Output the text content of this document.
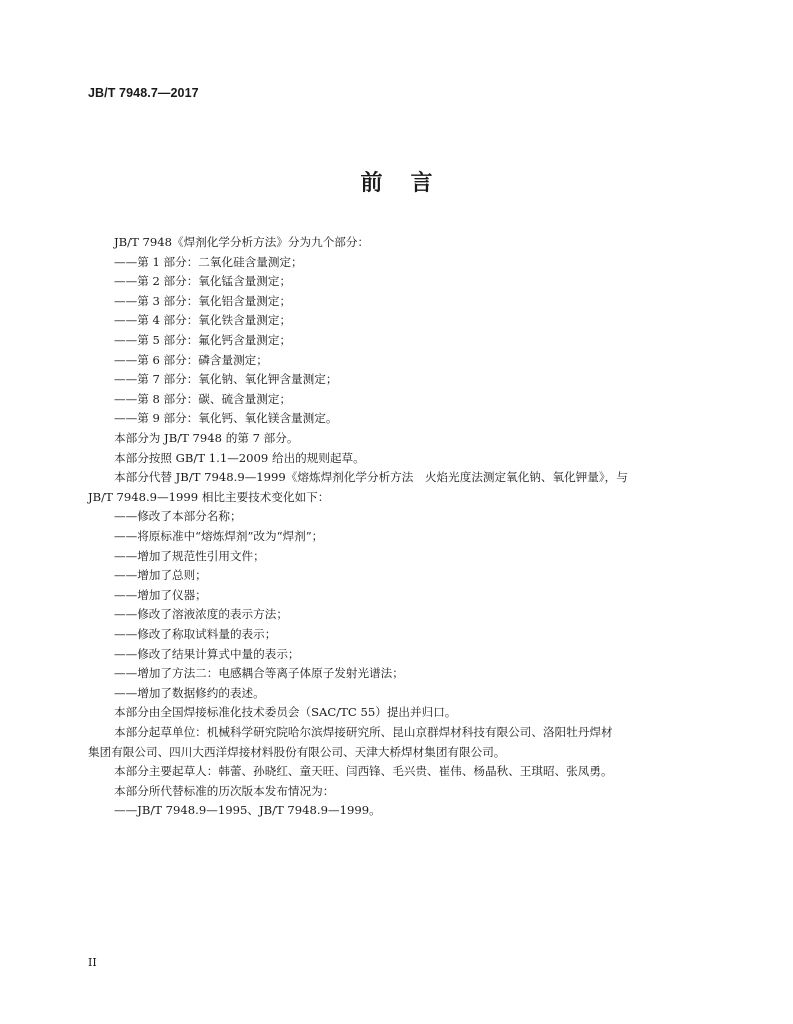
JB/T 7948.7—2017
前言
JB/T 7948《焊剂化学分析方法》分为九个部分：
——第 1 部分：二氧化硅含量测定；
——第 2 部分：氧化锰含量测定；
——第 3 部分：氧化铝含量测定；
——第 4 部分：氧化铁含量测定；
——第 5 部分：氟化钙含量测定；
——第 6 部分：磷含量测定；
——第 7 部分：氧化钠、氧化钾含量测定；
——第 8 部分：碳、硫含量测定；
——第 9 部分：氧化钙、氧化镁含量测定。
本部分为 JB/T 7948 的第 7 部分。
本部分按照 GB/T 1.1—2009 给出的规则起草。
本部分代替 JB/T 7948.9—1999《熔炼焊剂化学分析方法　火焰光度法测定氧化钠、氧化钾量》，与
JB/T 7948.9—1999 相比主要技术变化如下：
——修改了本部分名称；
——将原标准中“熔炼焊剂”改为“焊剂”；
——增加了规范性引用文件；
——增加了总则；
——增加了仪器；
——修改了溶液浓度的表示方法；
——修改了称取试料量的表示；
——修改了结果计算式中量的表示；
——增加了方法二：电感耦合等离子体原子发射光谱法；
——增加了数据修约的表述。
本部分由全国焊接标准化技术委员会（SAC/TC 55）提出并归口。
本部分起草单位：机械科学研究院哈尔滨焊接研究所、昆山京群焊材科技有限公司、洛阳牡丹焊材
集团有限公司、四川大西洋焊接材料股份有限公司、天津大桥焊材集团有限公司。
本部分主要起草人：韩蕾、孙晓红、童天旺、闫西锋、毛兴贵、崔伟、杨晶秋、王琪昭、张凤勇。
本部分所代替标准的历次版本发布情况为：
——JB/T 7948.9—1995、JB/T 7948.9—1999。
II
